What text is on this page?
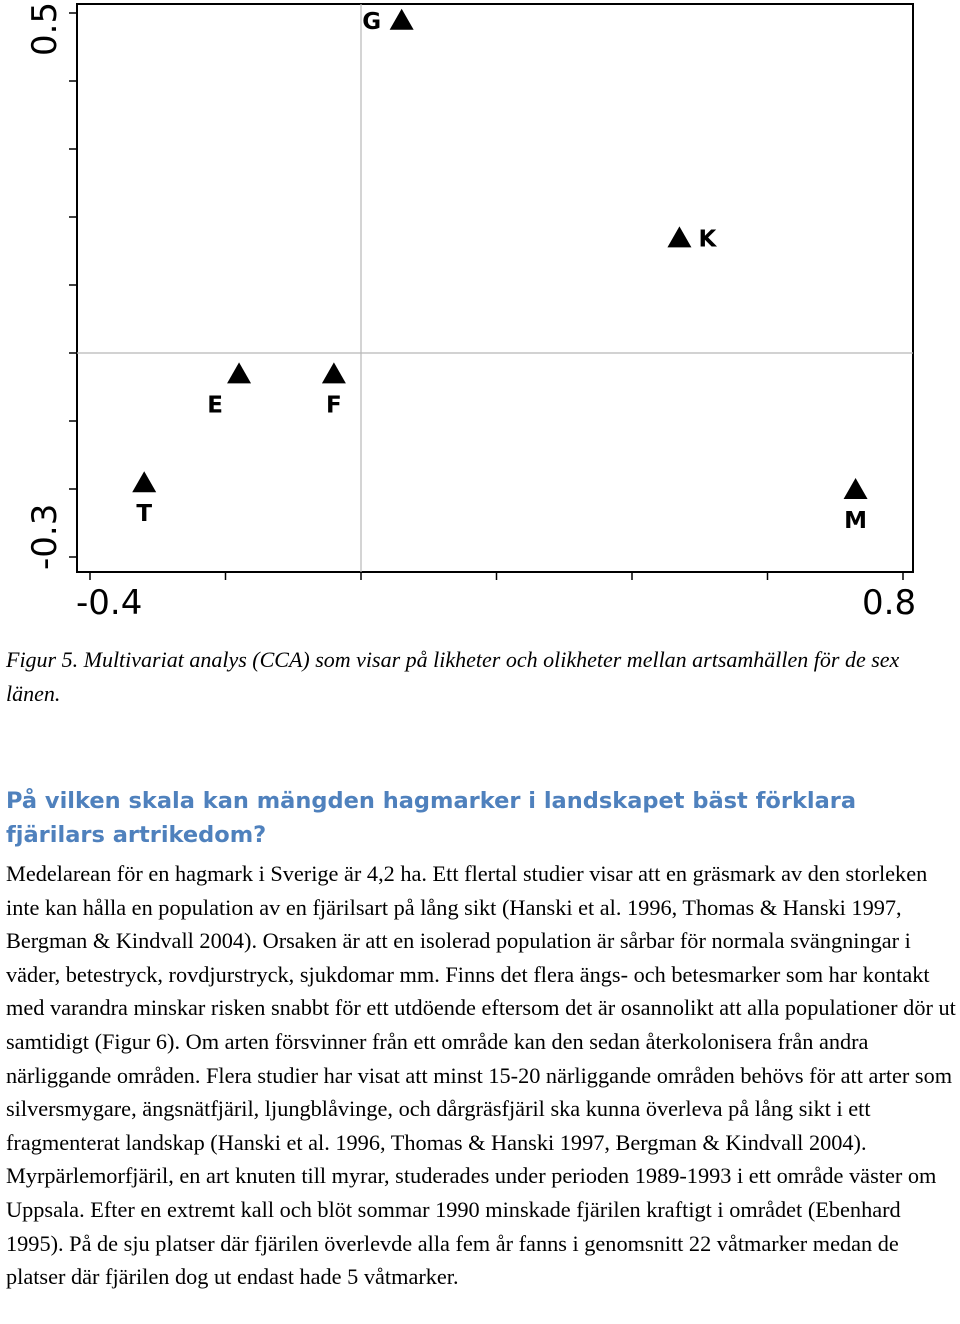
-0.4	0.8
0.5
-0.3
G
K
E	F
T	M

Figur 5. Multivariat analys (CCA) som visar på likheter och olikheter mellan artsamhällen för de sex länen.

På vilken skala kan mängden hagmarker i landskapet bäst förklara fjärilars artrikedom?

Medelarean för en hagmark i Sverige är 4,2 ha. Ett flertal studier visar att en gräsmark av den storleken inte kan hålla en population av en fjärilsart på lång sikt (Hanski et al. 1996, Thomas & Hanski 1997, Bergman & Kindvall 2004). Orsaken är att en isolerad population är sårbar för normala svängningar i väder, betestryck, rovdjurstryck, sjukdomar mm. Finns det flera ängs- och betesmarker som har kontakt med varandra minskar risken snabbt för ett utdöende eftersom det är osannolikt att alla populationer dör ut samtidigt (Figur 6). Om arten försvinner från ett område kan den sedan återkolonisera från andra närliggande områden. Flera studier har visat att minst 15-20 närliggande områden behövs för att arter som silversmygare, ängsnätfjäril, ljungblåvinge, och dårgräsfjäril ska kunna överleva på lång sikt i ett fragmenterat landskap (Hanski et al. 1996, Thomas & Hanski 1997, Bergman & Kindvall 2004). Myrpärlemorfjäril, en art knuten till myrar, studerades under perioden 1989-1993 i ett område väster om Uppsala. Efter en extremt kall och blöt sommar 1990 minskade fjärilen kraftigt i området (Ebenhard 1995). På de sju platser där fjärilen överlevde alla fem år fanns i genomsnitt 22 våtmarker medan de platser där fjärilen dog ut endast hade 5 våtmarker.
